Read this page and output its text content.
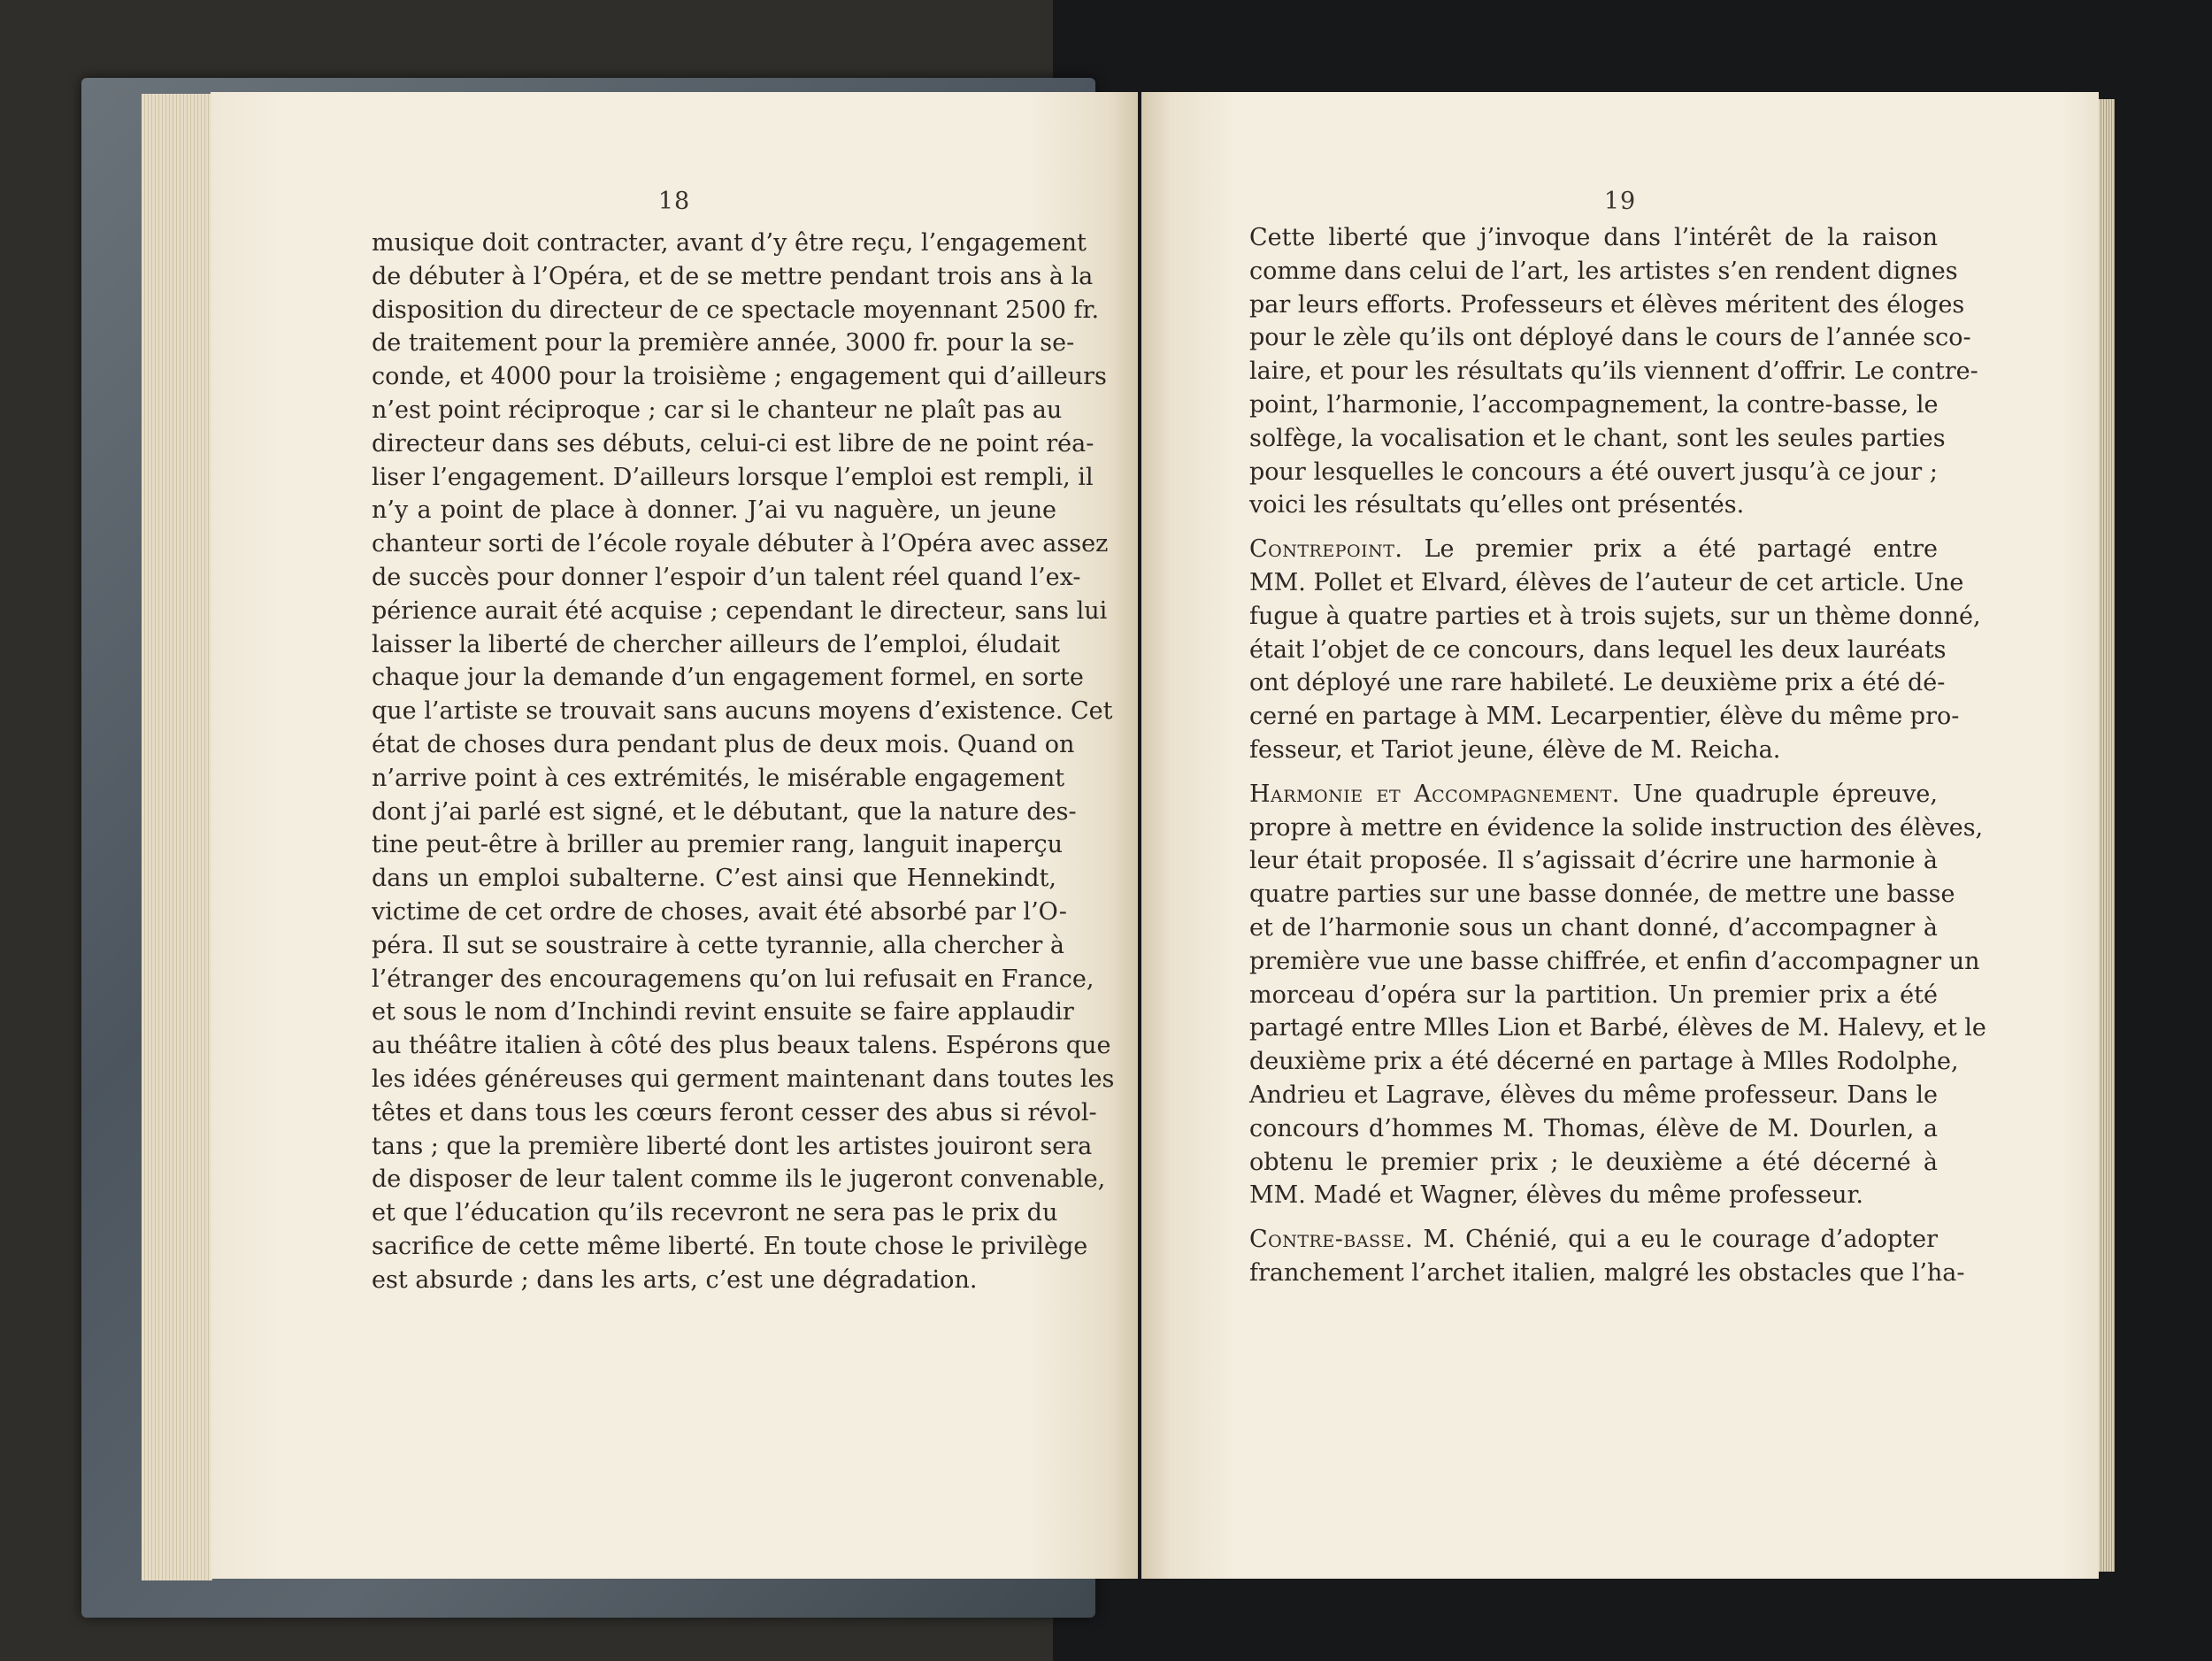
18
musique doit contracter, avant d’y être reçu, l’engagement
de débuter à l’Opéra, et de se mettre pendant trois ans à la
disposition du directeur de ce spectacle moyennant 2500 fr.
de traitement pour la première année, 3000 fr. pour la se-
conde, et 4000 pour la troisième ; engagement qui d’ailleurs
n’est point réciproque ; car si le chanteur ne plaît pas au
directeur dans ses débuts, celui-ci est libre de ne point réa-
liser l’engagement. D’ailleurs lorsque l’emploi est rempli, il
n’y a point de place à donner. J’ai vu naguère, un jeune
chanteur sorti de l’école royale débuter à l’Opéra avec assez
de succès pour donner l’espoir d’un talent réel quand l’ex-
périence aurait été acquise ; cependant le directeur, sans lui
laisser la liberté de chercher ailleurs de l’emploi, éludait
chaque jour la demande d’un engagement formel, en sorte
que l’artiste se trouvait sans aucuns moyens d’existence. Cet
état de choses dura pendant plus de deux mois. Quand on
n’arrive point à ces extrémités, le misérable engagement
dont j’ai parlé est signé, et le débutant, que la nature des-
tine peut-être à briller au premier rang, languit inaperçu
dans un emploi subalterne. C’est ainsi que Hennekindt,
victime de cet ordre de choses, avait été absorbé par l’O-
péra. Il sut se soustraire à cette tyrannie, alla chercher à
l’étranger des encouragemens qu’on lui refusait en France,
et sous le nom d’Inchindi revint ensuite se faire applaudir
au théâtre italien à côté des plus beaux talens. Espérons que
les idées généreuses qui germent maintenant dans toutes les
têtes et dans tous les cœurs feront cesser des abus si révol-
tans ; que la première liberté dont les artistes jouiront sera
de disposer de leur talent comme ils le jugeront convenable,
et que l’éducation qu’ils recevront ne sera pas le prix du
sacrifice de cette même liberté. En toute chose le privilège
est absurde ; dans les arts, c’est une dégradation.
19
Cette liberté que j’invoque dans l’intérêt de la raison
comme dans celui de l’art, les artistes s’en rendent dignes
par leurs efforts. Professeurs et élèves méritent des éloges
pour le zèle qu’ils ont déployé dans le cours de l’année sco-
laire, et pour les résultats qu’ils viennent d’offrir. Le contre-
point, l’harmonie, l’accompagnement, la contre-basse, le
solfège, la vocalisation et le chant, sont les seules parties
pour lesquelles le concours a été ouvert jusqu’à ce jour ;
voici les résultats qu’elles ont présentés.
Contrepoint. Le premier prix a été partagé entre
MM. Pollet et Elvard, élèves de l’auteur de cet article. Une
fugue à quatre parties et à trois sujets, sur un thème donné,
était l’objet de ce concours, dans lequel les deux lauréats
ont déployé une rare habileté. Le deuxième prix a été dé-
cerné en partage à MM. Lecarpentier, élève du même pro-
fesseur, et Tariot jeune, élève de M. Reicha.
Harmonie et Accompagnement. Une quadruple épreuve,
propre à mettre en évidence la solide instruction des élèves,
leur était proposée. Il s’agissait d’écrire une harmonie à
quatre parties sur une basse donnée, de mettre une basse
et de l’harmonie sous un chant donné, d’accompagner à
première vue une basse chiffrée, et enfin d’accompagner un
morceau d’opéra sur la partition. Un premier prix a été
partagé entre Mlles Lion et Barbé, élèves de M. Halevy, et le
deuxième prix a été décerné en partage à Mlles Rodolphe,
Andrieu et Lagrave, élèves du même professeur. Dans le
concours d’hommes M. Thomas, élève de M. Dourlen, a
obtenu le premier prix ; le deuxième a été décerné à
MM. Madé et Wagner, élèves du même professeur.
Contre-basse. M. Chénié, qui a eu le courage d’adopter
franchement l’archet italien, malgré les obstacles que l’ha-
